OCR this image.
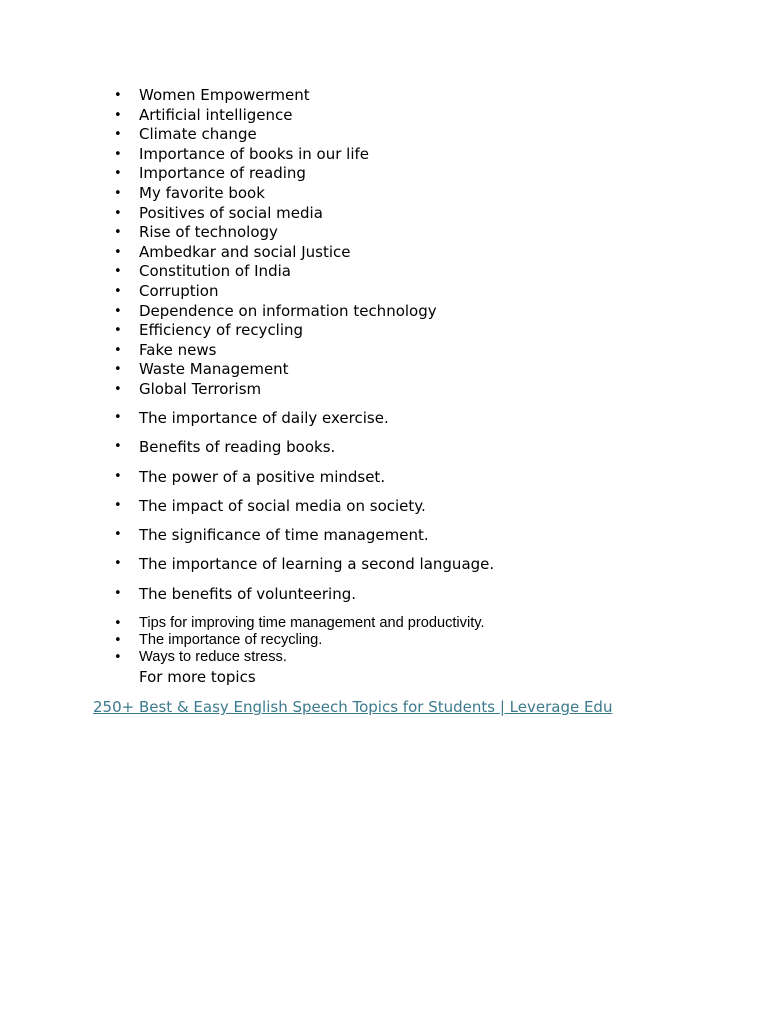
• Women Empowerment
• Artificial intelligence
• Climate change
• Importance of books in our life
• Importance of reading
• My favorite book
• Positives of social media
• Rise of technology
• Ambedkar and social Justice
• Constitution of India
• Corruption
• Dependence on information technology
• Efficiency of recycling
• Fake news
• Waste Management
• Global Terrorism
• The importance of daily exercise.
• Benefits of reading books.
• The power of a positive mindset.
• The impact of social media on society.
• The significance of time management.
• The importance of learning a second language.
• The benefits of volunteering.
• Tips for improving time management and productivity.
• The importance of recycling.
• Ways to reduce stress.
For more topics
250+ Best & Easy English Speech Topics for Students | Leverage Edu
